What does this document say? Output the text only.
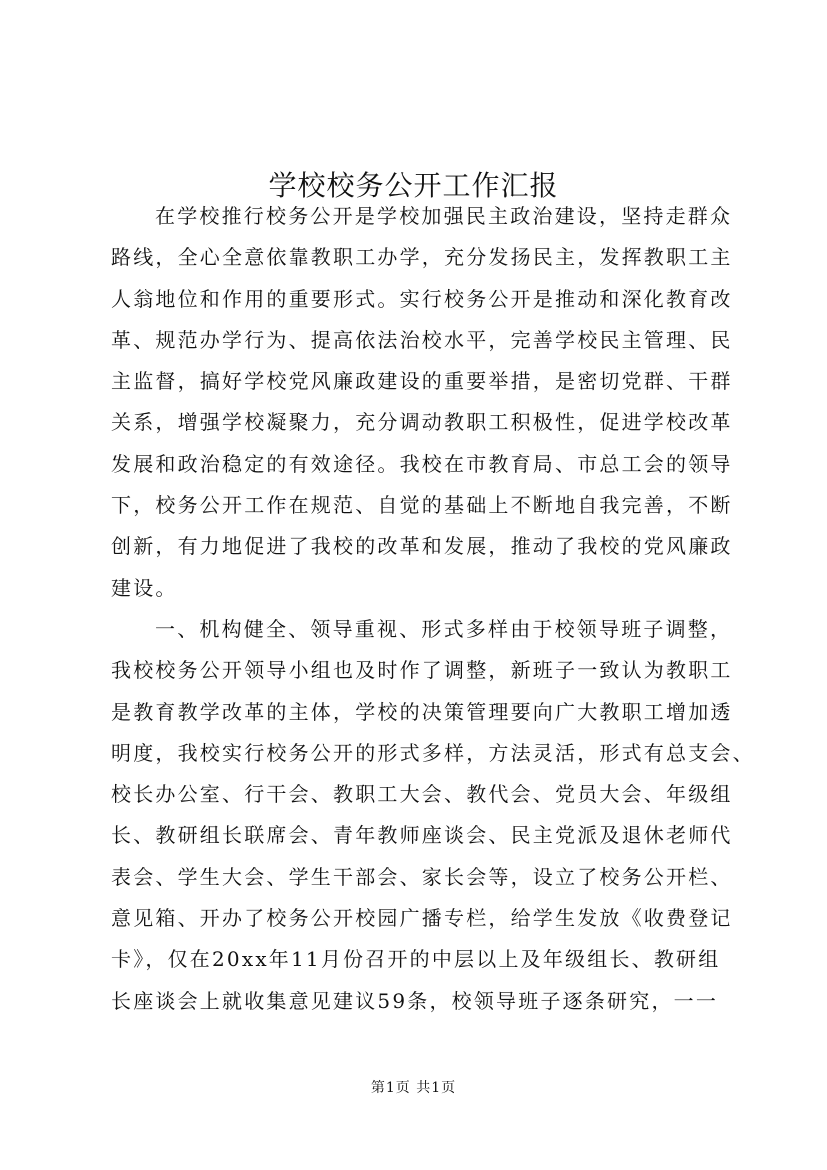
学校校务公开工作汇报
在学校推行校务公开是学校加强民主政治建设，坚持走群众
路线，全心全意依靠教职工办学，充分发扬民主，发挥教职工主
人翁地位和作用的重要形式。实行校务公开是推动和深化教育改
革、规范办学行为、提高依法治校水平，完善学校民主管理、民
主监督，搞好学校党风廉政建设的重要举措，是密切党群、干群
关系，增强学校凝聚力，充分调动教职工积极性，促进学校改革
发展和政治稳定的有效途径。我校在市教育局、市总工会的领导
下，校务公开工作在规范、自觉的基础上不断地自我完善，不断
创新，有力地促进了我校的改革和发展，推动了我校的党风廉政
建设。
一、机构健全、领导重视、形式多样由于校领导班子调整，
我校校务公开领导小组也及时作了调整，新班子一致认为教职工
是教育教学改革的主体，学校的决策管理要向广大教职工增加透
明度，我校实行校务公开的形式多样，方法灵活，形式有总支会、
校长办公室、行干会、教职工大会、教代会、党员大会、年级组
长、教研组长联席会、青年教师座谈会、民主党派及退休老师代
表会、学生大会、学生干部会、家长会等，设立了校务公开栏、
意见箱、开办了校务公开校园广播专栏，给学生发放《收费登记
卡》，仅在20xx年11月份召开的中层以上及年级组长、教研组
长座谈会上就收集意见建议59条，校领导班子逐条研究，一一
第1页 共1页
